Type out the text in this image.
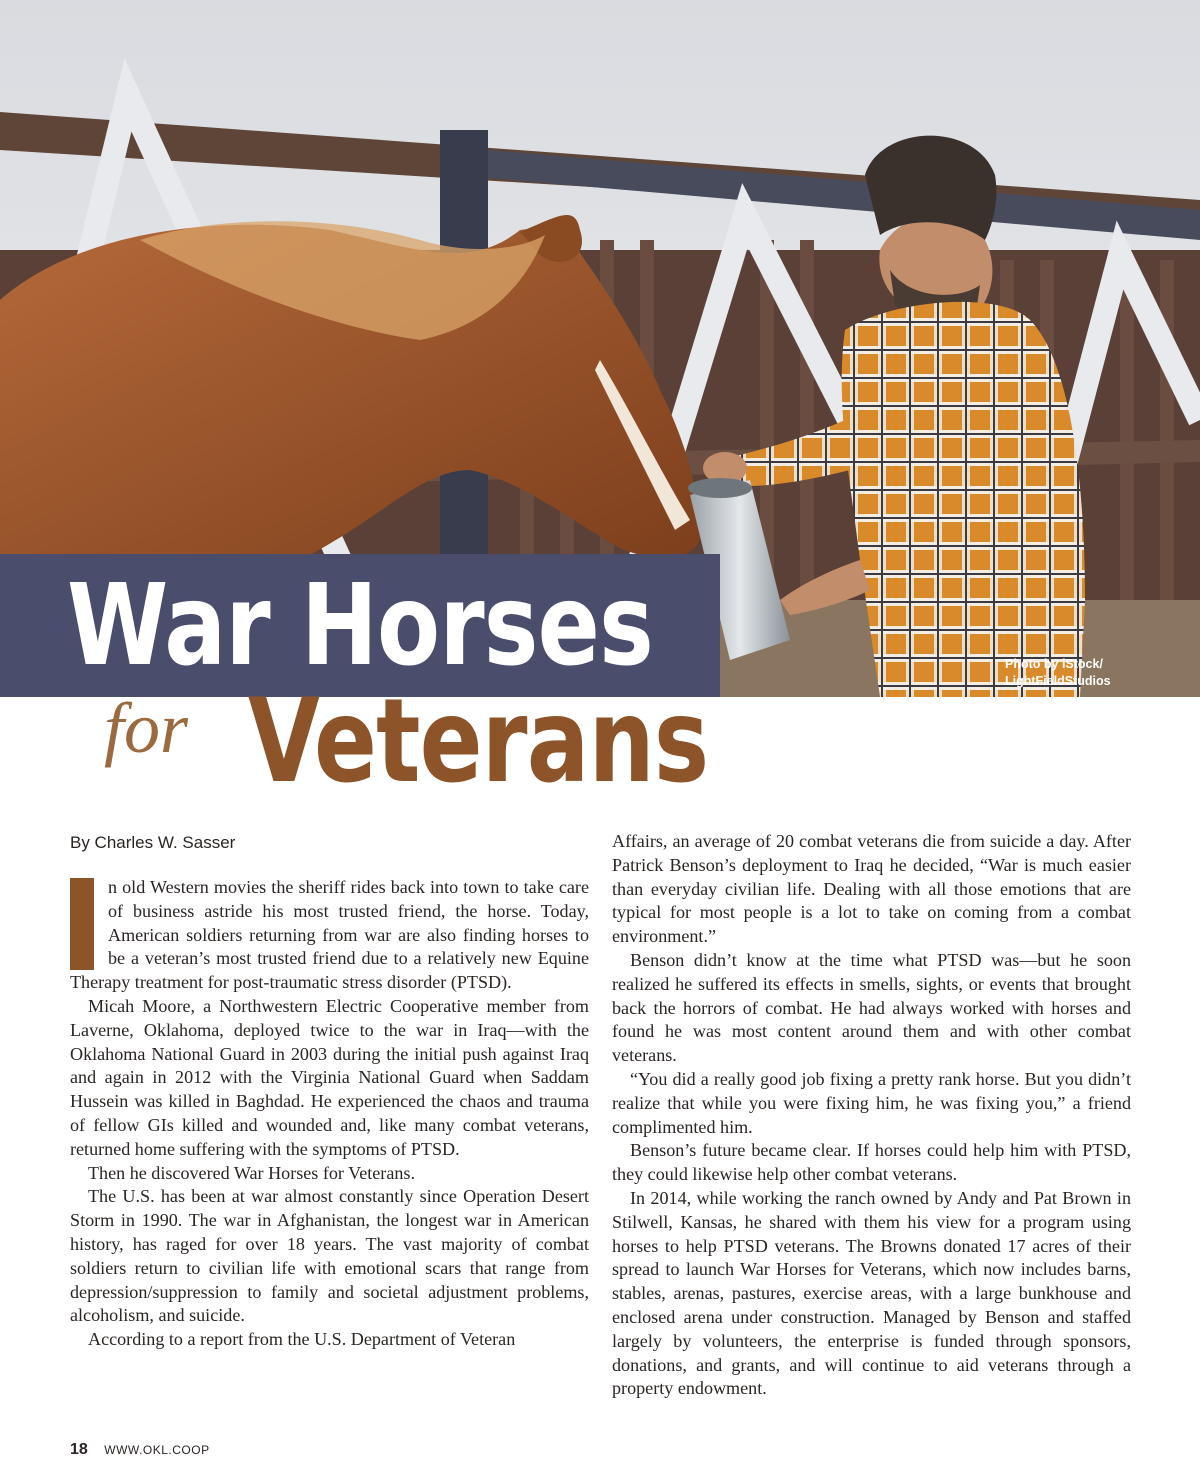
Photo by iStock/
LightFieldStudios
War Horses
for Veterans
By Charles W. Sasser

n old Western movies the sheriff rides back into town to take care of business astride his most trusted friend, the horse. Today, American soldiers returning from war are also finding horses to be a veteran’s most trusted friend due to a relatively new Equine Therapy treatment for post-traumatic stress disorder (PTSD).

Micah Moore, a Northwestern Electric Cooperative member from Laverne, Oklahoma, deployed twice to the war in Iraq—with the Oklahoma National Guard in 2003 during the initial push against Iraq and again in 2012 with the Virginia National Guard when Saddam Hussein was killed in Baghdad. He experienced the chaos and trauma of fellow GIs killed and wounded and, like many combat veterans, returned home suffering with the symptoms of PTSD.

Then he discovered War Horses for Veterans.

The U.S. has been at war almost constantly since Operation Desert Storm in 1990. The war in Afghanistan, the longest war in American history, has raged for over 18 years. The vast majority of combat soldiers return to civilian life with emotional scars that range from depression/suppression to family and societal adjustment problems, alcoholism, and suicide.

According to a report from the U.S. Department of Veteran

Affairs, an average of 20 combat veterans die from suicide a day. After Patrick Benson’s deployment to Iraq he decided, “War is much easier than everyday civilian life. Dealing with all those emotions that are typical for most people is a lot to take on coming from a combat environment.”

Benson didn’t know at the time what PTSD was—but he soon realized he suffered its effects in smells, sights, or events that brought back the horrors of combat. He had always worked with horses and found he was most content around them and with other combat veterans.

“You did a really good job fixing a pretty rank horse. But you didn’t realize that while you were fixing him, he was fixing you,” a friend complimented him.

Benson’s future became clear. If horses could help him with PTSD, they could likewise help other combat veterans.

In 2014, while working the ranch owned by Andy and Pat Brown in Stilwell, Kansas, he shared with them his view for a program using horses to help PTSD veterans. The Browns donated 17 acres of their spread to launch War Horses for Veterans, which now includes barns, stables, arenas, pastures, exercise areas, with a large bunkhouse and enclosed arena under construction. Managed by Benson and staffed largely by volunteers, the enterprise is funded through sponsors, donations, and grants, and will continue to aid veterans through a property endowment.

18 WWW.OKL.COOP
